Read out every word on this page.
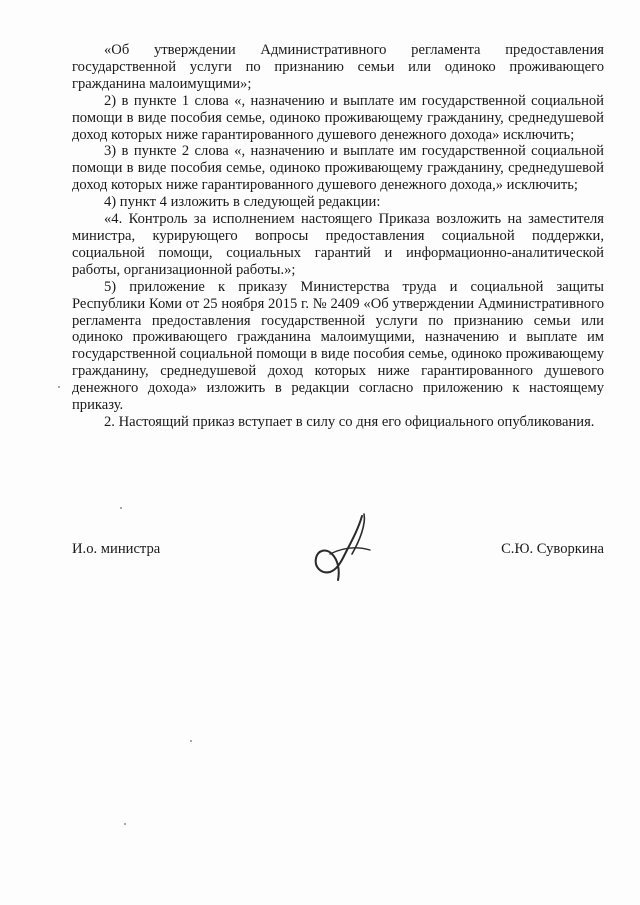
«Об утверждении Административного регламента предоставления государственной услуги по признанию семьи или одиноко проживающего гражданина малоимущими»;

2) в пункте 1 слова «, назначению и выплате им государственной социальной помощи в виде пособия семье, одиноко проживающему гражданину, среднедушевой доход которых ниже гарантированного душевого денежного дохода» исключить;

3) в пункте 2 слова «, назначению и выплате им государственной социальной помощи в виде пособия семье, одиноко проживающему гражданину, среднедушевой доход которых ниже гарантированного душевого денежного дохода,» исключить;

4) пункт 4 изложить в следующей редакции:

«4. Контроль за исполнением настоящего Приказа возложить на заместителя министра, курирующего вопросы предоставления социальной поддержки, социальной помощи, социальных гарантий и информационно-аналитической работы, организационной работы.»;

5) приложение к приказу Министерства труда и социальной защиты Республики Коми от 25 ноября 2015 г. № 2409 «Об утверждении Административного регламента предоставления государственной услуги по признанию семьи или одиноко проживающего гражданина малоимущими, назначению и выплате им государственной социальной помощи в виде пособия семье, одиноко проживающему гражданину, среднедушевой доход которых ниже гарантированного душевого денежного дохода» изложить в редакции согласно приложению к настоящему приказу.

2. Настоящий приказ вступает в силу со дня его официального опубликования.

И.о. министра	С.Ю. Суворкина
